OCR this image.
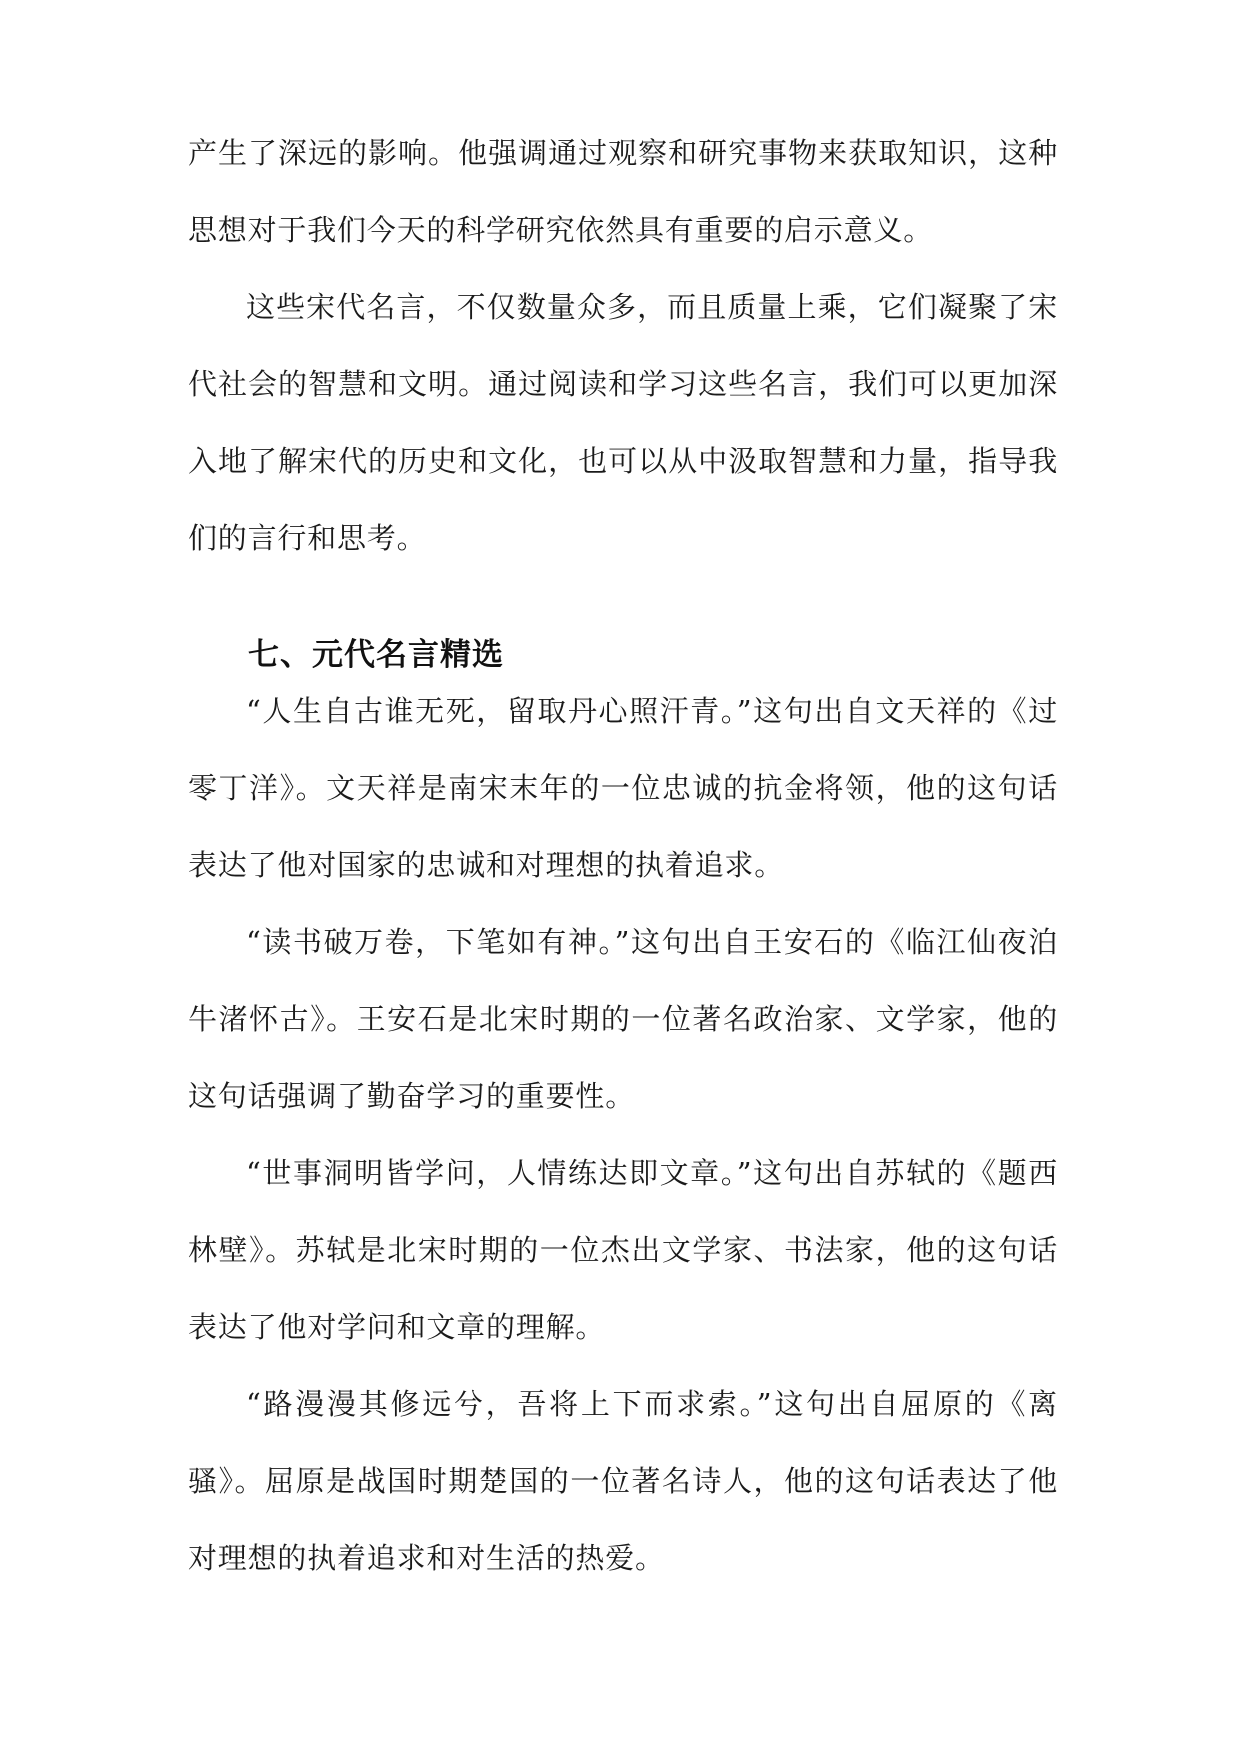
产生了深远的影响。他强调通过观察和研究事物来获取知识，这种思想对于我们今天的科学研究依然具有重要的启示意义。

这些宋代名言，不仅数量众多，而且质量上乘，它们凝聚了宋代社会的智慧和文明。通过阅读和学习这些名言，我们可以更加深入地了解宋代的历史和文化，也可以从中汲取智慧和力量，指导我们的言行和思考。

七、元代名言精选

“人生自古谁无死，留取丹心照汗青。”这句出自文天祥的《过零丁洋》。文天祥是南宋末年的一位忠诚的抗金将领，他的这句话表达了他对国家的忠诚和对理想的执着追求。

“读书破万卷，下笔如有神。”这句出自王安石的《临江仙夜泊牛渚怀古》。王安石是北宋时期的一位著名政治家、文学家，他的这句话强调了勤奋学习的重要性。

“世事洞明皆学问，人情练达即文章。”这句出自苏轼的《题西林壁》。苏轼是北宋时期的一位杰出文学家、书法家，他的这句话表达了他对学问和文章的理解。

“路漫漫其修远兮，吾将上下而求索。”这句出自屈原的《离骚》。屈原是战国时期楚国的一位著名诗人，他的这句话表达了他对理想的执着追求和对生活的热爱。
